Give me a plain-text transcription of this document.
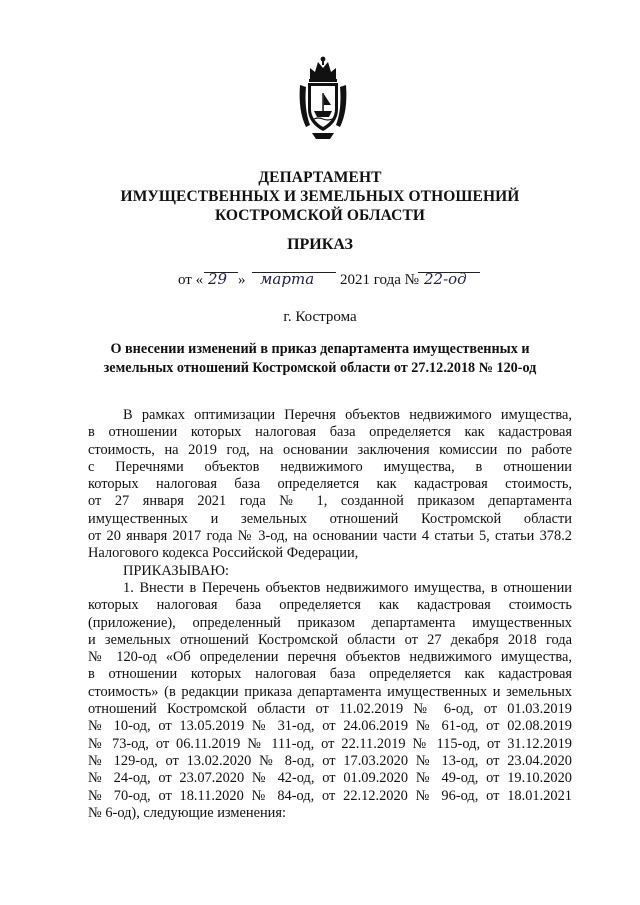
ДЕПАРТАМЕНТ
ИМУЩЕСТВЕННЫХ И ЗЕМЕЛЬНЫХ ОТНОШЕНИЙ
КОСТРОМСКОЙ ОБЛАСТИ
ПРИКАЗ
от « 29 » марта 2021 года № 22-од
г. Кострома
О внесении изменений в приказ департамента имущественных и
земельных отношений Костромской области от 27.12.2018 № 120-од
В рамках оптимизации Перечня объектов недвижимого имущества,
в отношении которых налоговая база определяется как кадастровая
стоимость, на 2019 год, на основании заключения комиссии по работе
с Перечнями объектов недвижимого имущества, в отношении
которых налоговая база определяется как кадастровая стоимость,
от 27 января 2021 года № 1, созданной приказом департамента
имущественных и земельных отношений Костромской области
от 20 января 2017 года № 3-од, на основании части 4 статьи 5, статьи 378.2
Налогового кодекса Российской Федерации,
ПРИКАЗЫВАЮ:
1. Внести в Перечень объектов недвижимого имущества, в отношении
которых налоговая база определяется как кадастровая стоимость
(приложение), определенный приказом департамента имущественных
и земельных отношений Костромской области от 27 декабря 2018 года
№ 120-од «Об определении перечня объектов недвижимого имущества,
в отношении которых налоговая база определяется как кадастровая
стоимость» (в редакции приказа департамента имущественных и земельных
отношений Костромской области от 11.02.2019 № 6-од, от 01.03.2019
№ 10-од, от 13.05.2019 № 31-од, от 24.06.2019 № 61-од, от 02.08.2019
№ 73-од, от 06.11.2019 № 111-од, от 22.11.2019 № 115-од, от 31.12.2019
№ 129-од, от 13.02.2020 № 8-од, от 17.03.2020 № 13-од, от 23.04.2020
№ 24-од, от 23.07.2020 № 42-од, от 01.09.2020 № 49-од, от 19.10.2020
№ 70-од, от 18.11.2020 № 84-од, от 22.12.2020 № 96-од, от 18.01.2021
№ 6-од), следующие изменения:
